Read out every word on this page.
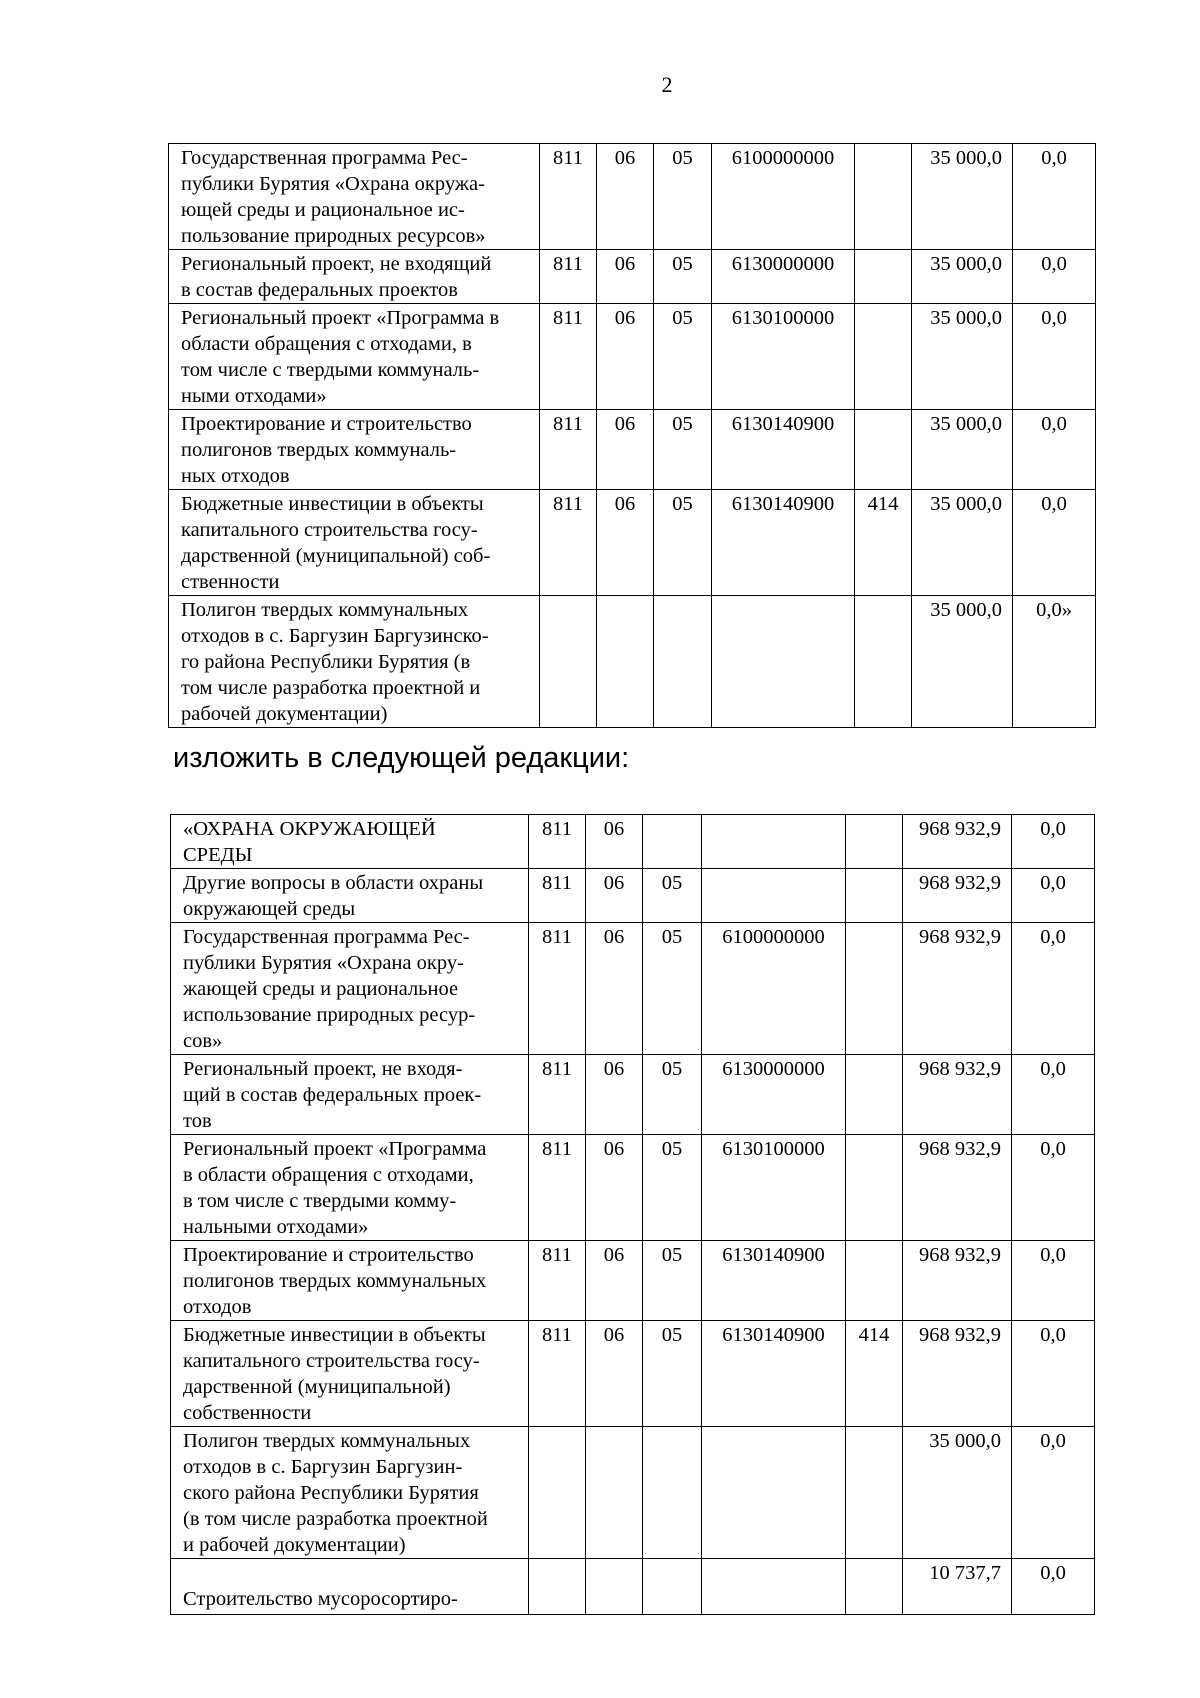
2
Государственная программа Рес-
публики Бурятия «Охрана окружа-
ющей среды и рациональное ис-
пользование природных ресурсов»	811	06	05	6100000000		35 000,0	0,0
Региональный проект, не входящий
в состав федеральных проектов	811	06	05	6130000000		35 000,0	0,0
Региональный проект «Программа в
области обращения с отходами, в
том числе с твердыми коммуналь-
ными отходами»	811	06	05	6130100000		35 000,0	0,0
Проектирование и строительство
полигонов твердых коммуналь-
ных отходов	811	06	05	6130140900		35 000,0	0,0
Бюджетные инвестиции в объекты
капитального строительства госу-
дарственной (муниципальной) соб-
ственности	811	06	05	6130140900	414	35 000,0	0,0
Полигон твердых коммунальных
отходов в с. Баргузин Баргузинско-
го района Республики Бурятия (в
том числе разработка проектной и
рабочей документации)						35 000,0	0,0»
изложить в следующей редакции:
«ОХРАНА ОКРУЖАЮЩЕЙ
СРЕДЫ	811	06				968 932,9	0,0
Другие вопросы в области охраны
окружающей среды	811	06	05			968 932,9	0,0
Государственная программа Рес-
публики Бурятия «Охрана окру-
жающей среды и рациональное
использование природных ресур-
сов»	811	06	05	6100000000		968 932,9	0,0
Региональный проект, не входя-
щий в состав федеральных проек-
тов	811	06	05	6130000000		968 932,9	0,0
Региональный проект «Программа
в области обращения с отходами,
в том числе с твердыми комму-
нальными отходами»	811	06	05	6130100000		968 932,9	0,0
Проектирование и строительство
полигонов твердых коммунальных
отходов	811	06	05	6130140900		968 932,9	0,0
Бюджетные инвестиции в объекты
капитального строительства госу-
дарственной (муниципальной)
собственности	811	06	05	6130140900	414	968 932,9	0,0
Полигон твердых коммунальных
отходов в с. Баргузин Баргузин-
ского района Республики Бурятия
(в том числе разработка проектной
и рабочей документации)						35 000,0	0,0

Строительство мусоросортиро-						10 737,7	0,0
